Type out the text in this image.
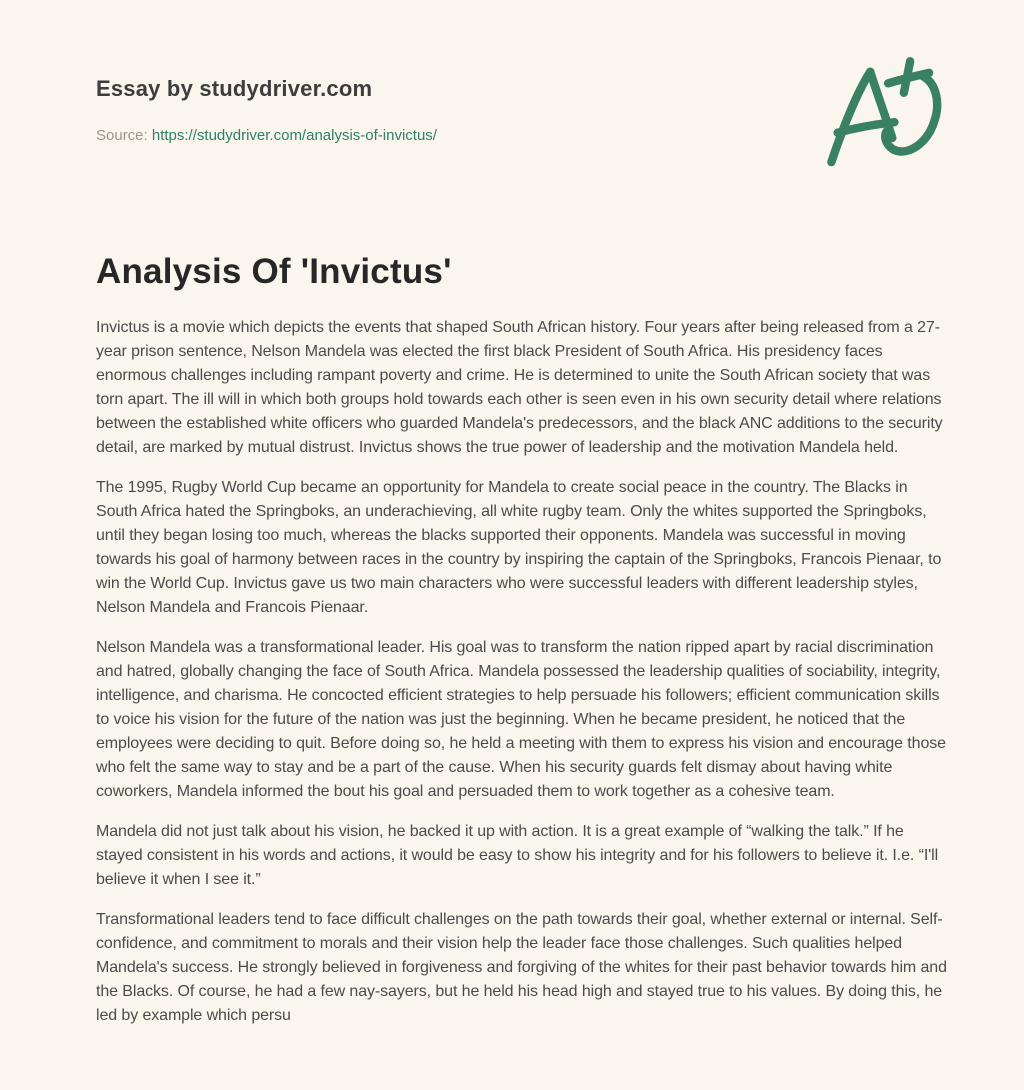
Essay by studydriver.com
Source: https://studydriver.com/analysis-of-invictus/
Analysis Of 'Invictus'

Invictus is a movie which depicts the events that shaped South African history. Four years after being released from a 27-year prison sentence, Nelson Mandela was elected the first black President of South Africa. His presidency faces enormous challenges including rampant poverty and crime. He is determined to unite the South African society that was torn apart. The ill will in which both groups hold towards each other is seen even in his own security detail where relations between the established white officers who guarded Mandela's predecessors, and the black ANC additions to the security detail, are marked by mutual distrust. Invictus shows the true power of leadership and the motivation Mandela held.

The 1995, Rugby World Cup became an opportunity for Mandela to create social peace in the country. The Blacks in South Africa hated the Springboks, an underachieving, all white rugby team. Only the whites supported the Springboks, until they began losing too much, whereas the blacks supported their opponents. Mandela was successful in moving towards his goal of harmony between races in the country by inspiring the captain of the Springboks, Francois Pienaar, to win the World Cup. Invictus gave us two main characters who were successful leaders with different leadership styles, Nelson Mandela and Francois Pienaar.

Nelson Mandela was a transformational leader. His goal was to transform the nation ripped apart by racial discrimination and hatred, globally changing the face of South Africa. Mandela possessed the leadership qualities of sociability, integrity, intelligence, and charisma. He concocted efficient strategies to help persuade his followers; efficient communication skills to voice his vision for the future of the nation was just the beginning. When he became president, he noticed that the employees were deciding to quit. Before doing so, he held a meeting with them to express his vision and encourage those who felt the same way to stay and be a part of the cause. When his security guards felt dismay about having white coworkers, Mandela informed the bout his goal and persuaded them to work together as a cohesive team.

Mandela did not just talk about his vision, he backed it up with action. It is a great example of “walking the talk.” If he stayed consistent in his words and actions, it would be easy to show his integrity and for his followers to believe it. I.e. “I'll believe it when I see it.”

Transformational leaders tend to face difficult challenges on the path towards their goal, whether external or internal. Self-confidence, and commitment to morals and their vision help the leader face those challenges. Such qualities helped Mandela's success. He strongly believed in forgiveness and forgiving of the whites for their past behavior towards him and the Blacks. Of course, he had a few nay-sayers, but he held his head high and stayed true to his values. By doing this, he led by example which persu
